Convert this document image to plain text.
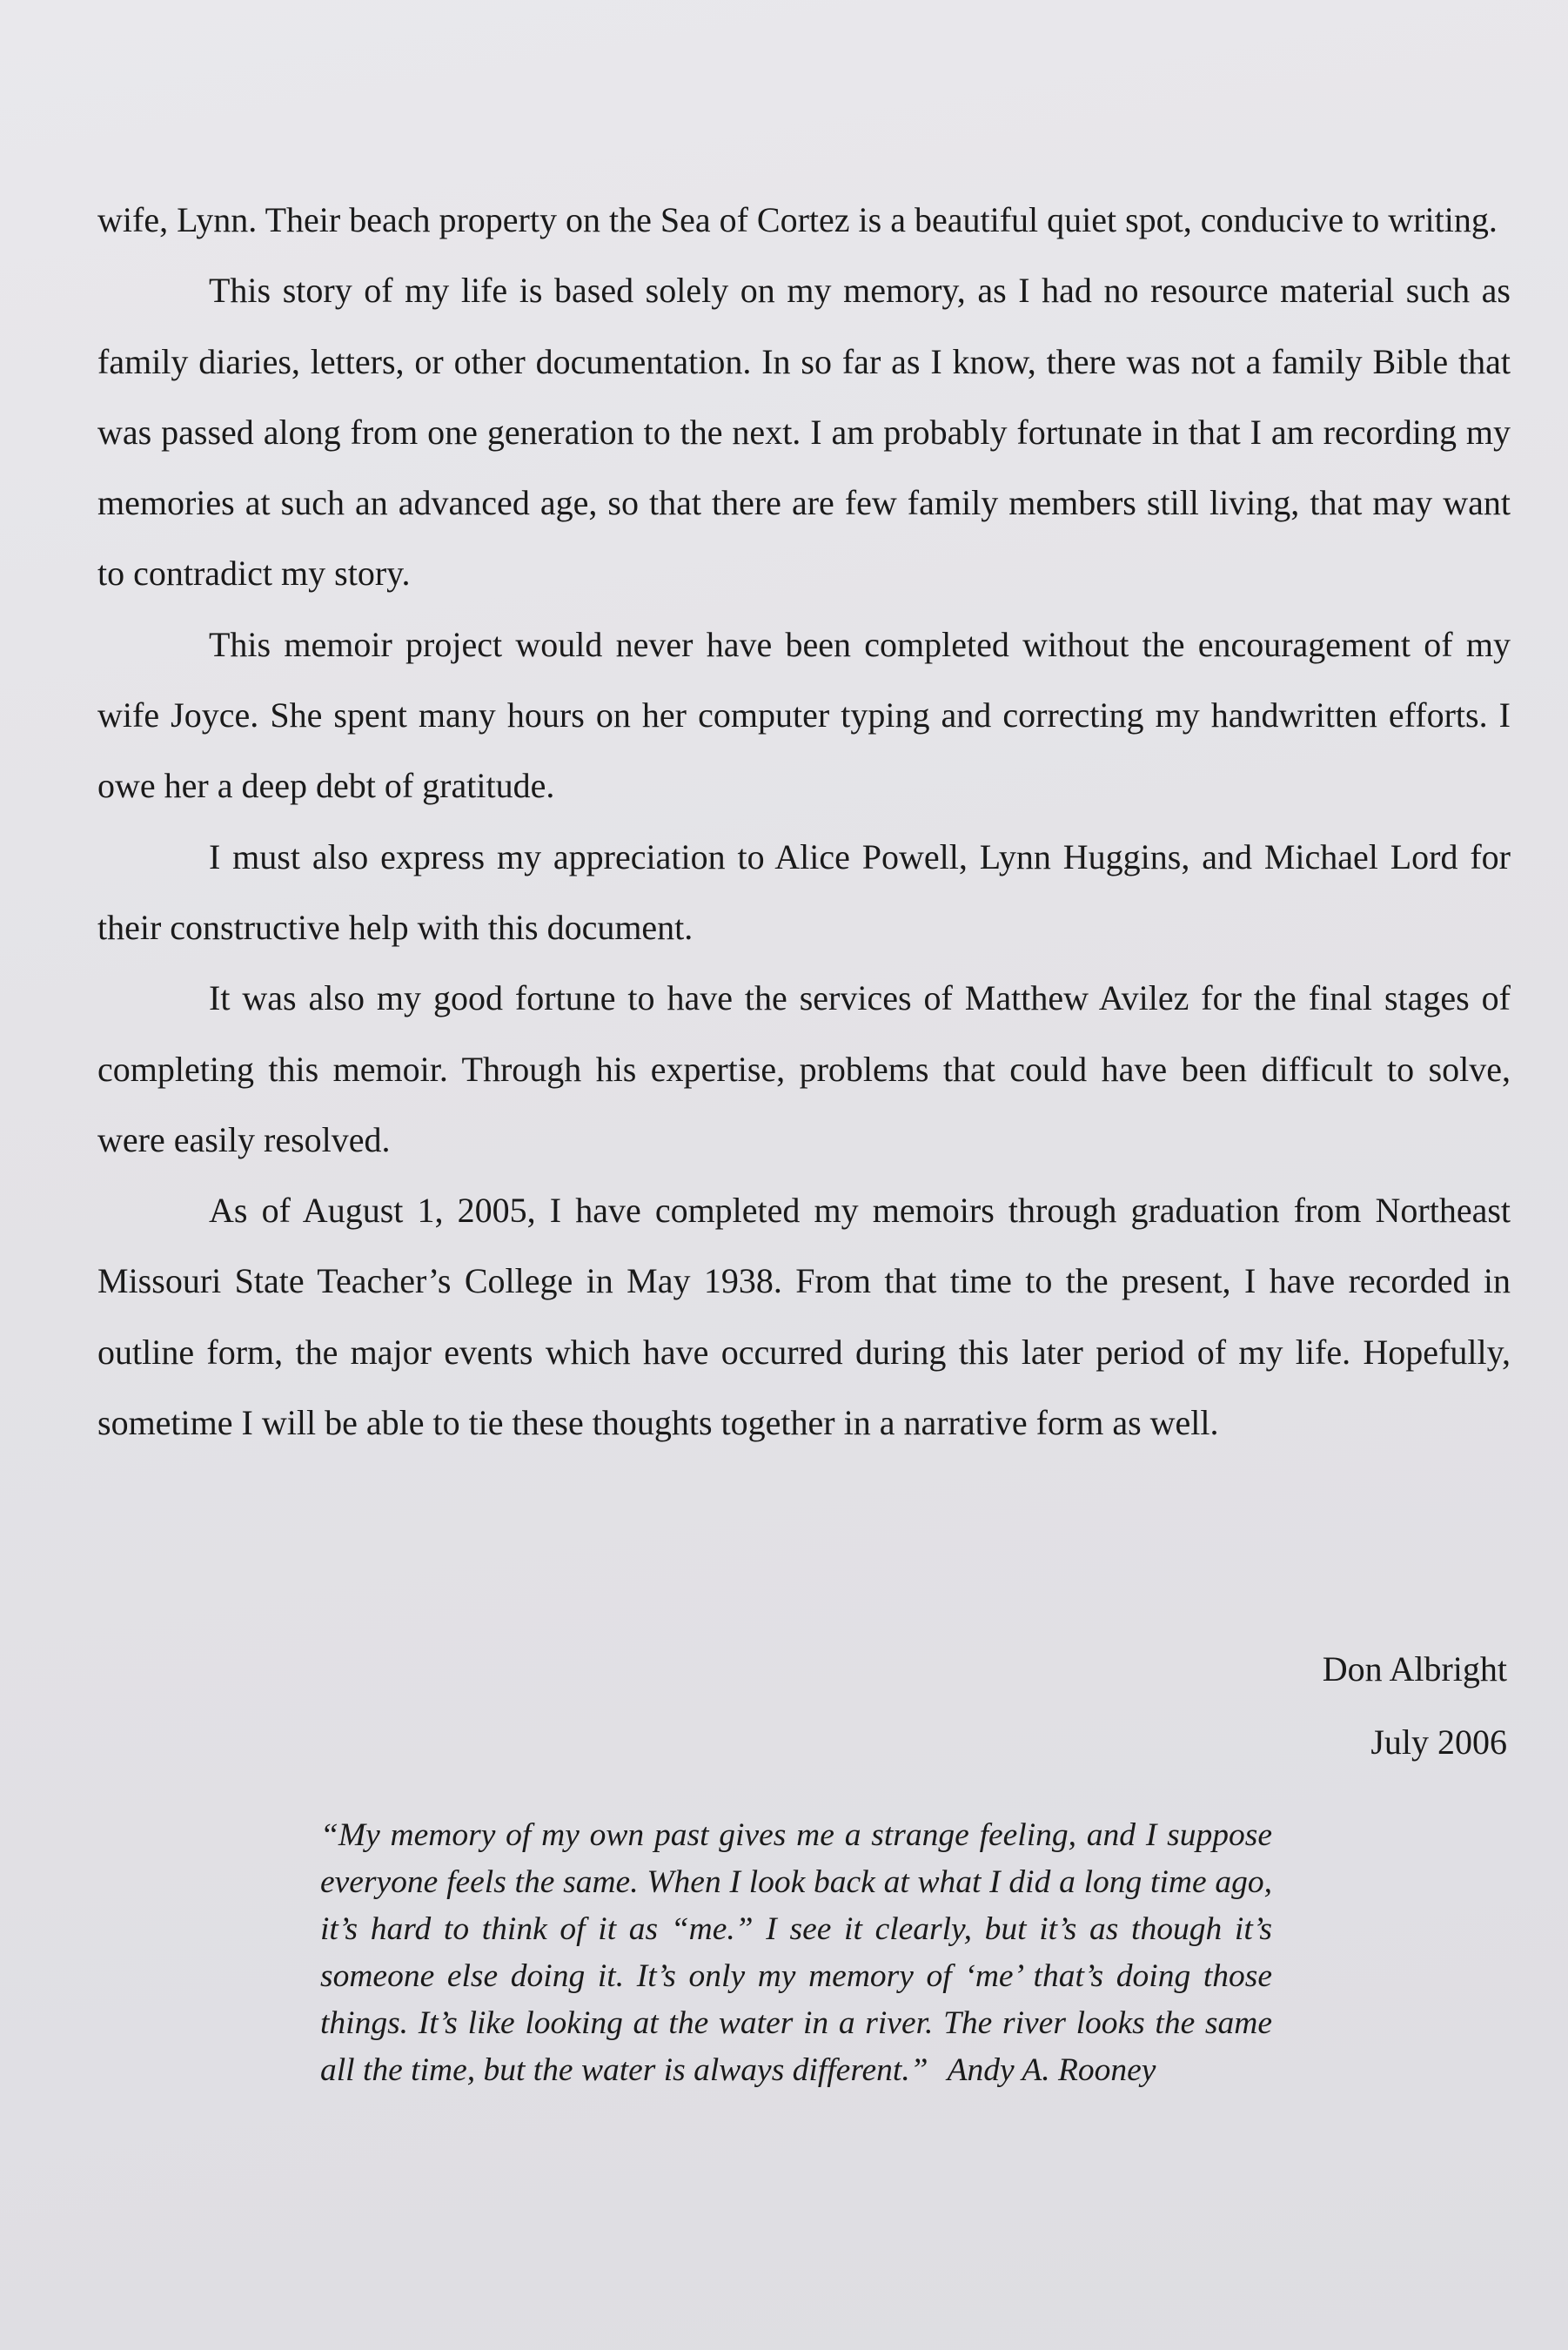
wife, Lynn. Their beach property on the Sea of Cortez is a beautiful quiet spot, conducive to writing.

This story of my life is based solely on my memory, as I had no resource material such as family diaries, letters, or other documentation. In so far as I know, there was not a family Bible that was passed along from one generation to the next. I am probably fortunate in that I am recording my memories at such an advanced age, so that there are few family members still living, that may want to contradict my story.

This memoir project would never have been completed without the encouragement of my wife Joyce. She spent many hours on her computer typing and correcting my handwritten efforts. I owe her a deep debt of gratitude.

I must also express my appreciation to Alice Powell, Lynn Huggins, and Michael Lord for their constructive help with this document.

It was also my good fortune to have the services of Matthew Avilez for the final stages of completing this memoir. Through his expertise, problems that could have been difficult to solve, were easily resolved.

As of August 1, 2005, I have completed my memoirs through graduation from Northeast Missouri State Teacher’s College in May 1938. From that time to the present, I have recorded in outline form, the major events which have occurred during this later period of my life. Hopefully, sometime I will be able to tie these thoughts together in a narrative form as well.

Don Albright
July 2006
“My memory of my own past gives me a strange feeling, and I suppose everyone feels the same. When I look back at what I did a long time ago, it’s hard to think of it as “me.” I see it clearly, but it’s as though it’s someone else doing it. It’s only my memory of ‘me’ that’s doing those things. It’s like looking at the water in a river. The river looks the same all the time, but the water is always different.” Andy A. Rooney
